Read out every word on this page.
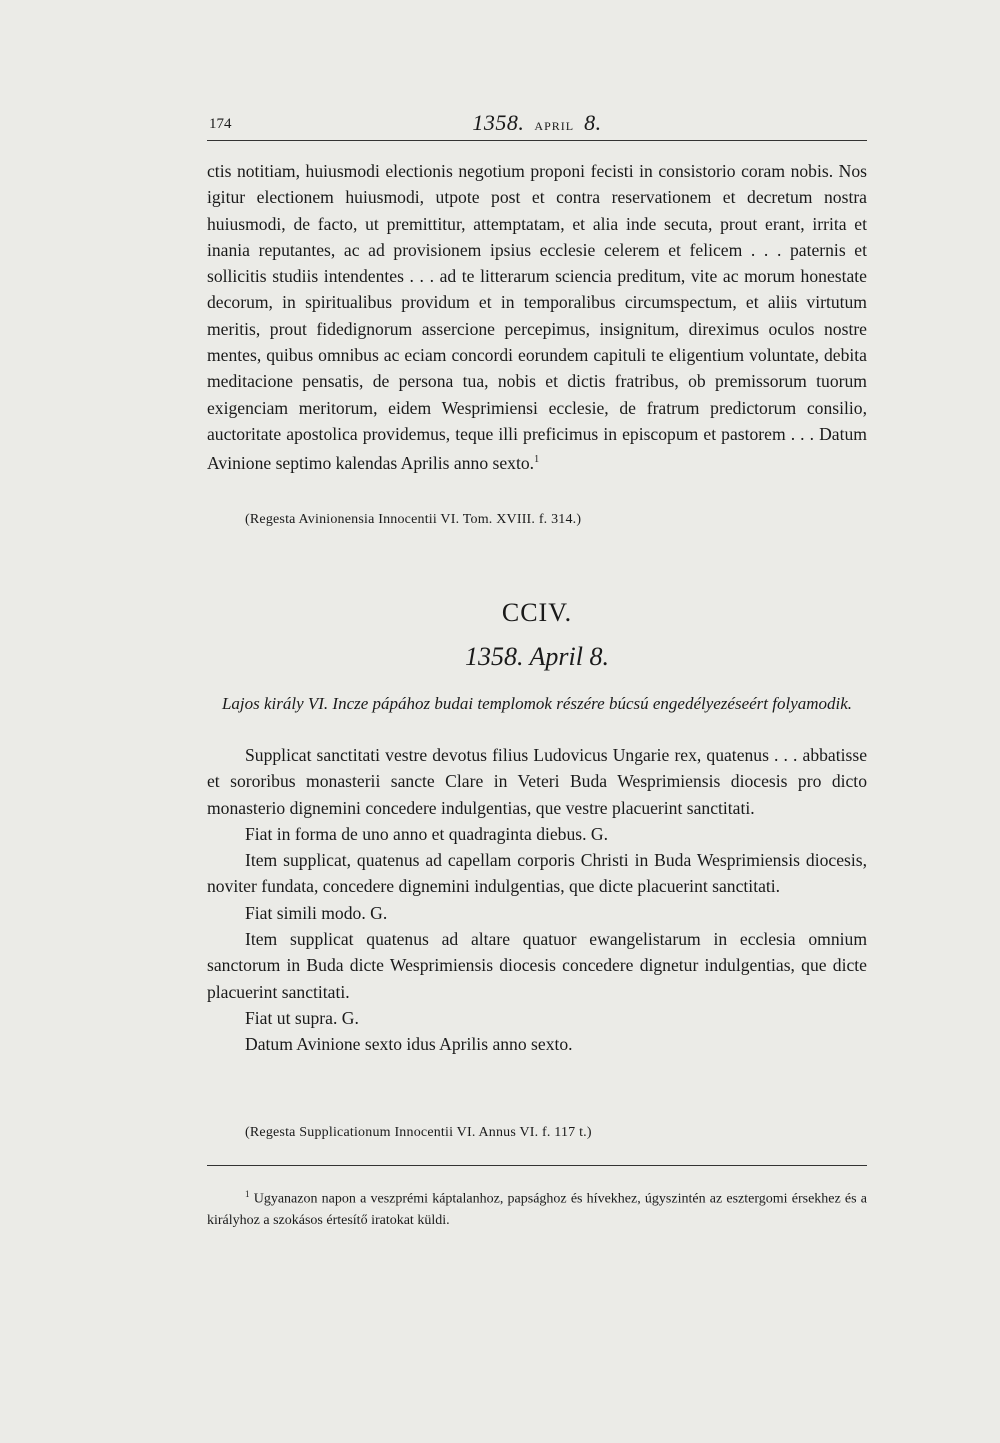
174	1358. APRIL 8.

ctis notitiam, huiusmodi electionis negotium proponi fecisti in consistorio coram nobis. Nos igitur electionem huiusmodi, utpote post et contra reservationem et decretum nostra huiusmodi, de facto, ut premittitur, attemptatam, et alia inde secuta, prout erant, irrita et inania reputantes, ac ad provisionem ipsius ecclesie celerem et felicem . . . paternis et sollicitis studiis intendentes . . . ad te litterarum sciencia preditum, vite ac morum honestate decorum, in spiritualibus providum et in temporalibus circumspectum, et aliis virtutum meritis, prout fidedignorum assercione percepimus, insignitum, direximus oculos nostre mentes, quibus omnibus ac eciam concordi eorundem capituli te eligentium voluntate, debita meditacione pensatis, de persona tua, nobis et dictis fratribus, ob premissorum tuorum exigenciam meritorum, eidem Wesprimiensi ecclesie, de fratrum predictorum consilio, auctoritate apostolica providemus, teque illi preficimus in episcopum et pastorem . . . Datum Avinione septimo kalendas Aprilis anno sexto.$^1$

(Regesta Avinionensia Innocentii VI. Tom. XVIII. f. 314.)

CCIV.
1358. April 8.

Lajos király VI. Incze pápához budai templomok részére búcsú engedélyezéseért folyamodik.

Supplicat sanctitati vestre devotus filius Ludovicus Ungarie rex, quatenus . . . abbatisse et sororibus monasterii sancte Clare in Veteri Buda Wesprimiensis diocesis pro dicto monasterio dignemini concedere indulgentias, que vestre placuerint sanctitati.

Fiat in forma de uno anno et quadraginta diebus. G.

Item supplicat, quatenus ad capellam corporis Christi in Buda Wesprimiensis diocesis, noviter fundata, concedere dignemini indulgentias, que dicte placuerint sanctitati.

Fiat simili modo. G.

Item supplicat quatenus ad altare quatuor ewangelistarum in ecclesia omnium sanctorum in Buda dicte Wesprimiensis diocesis concedere dignetur indulgentias, que dicte placuerint sanctitati.

Fiat ut supra. G.

Datum Avinione sexto idus Aprilis anno sexto.

(Regesta Supplicationum Innocentii VI. Annus VI. f. 117 t.)

$^1$ Ugyanazon napon a veszprémi káptalanhoz, papsághoz és hívekhez, úgyszintén az esztergomi érsekhez és a királyhoz a szokásos értesítő iratokat küldi.
